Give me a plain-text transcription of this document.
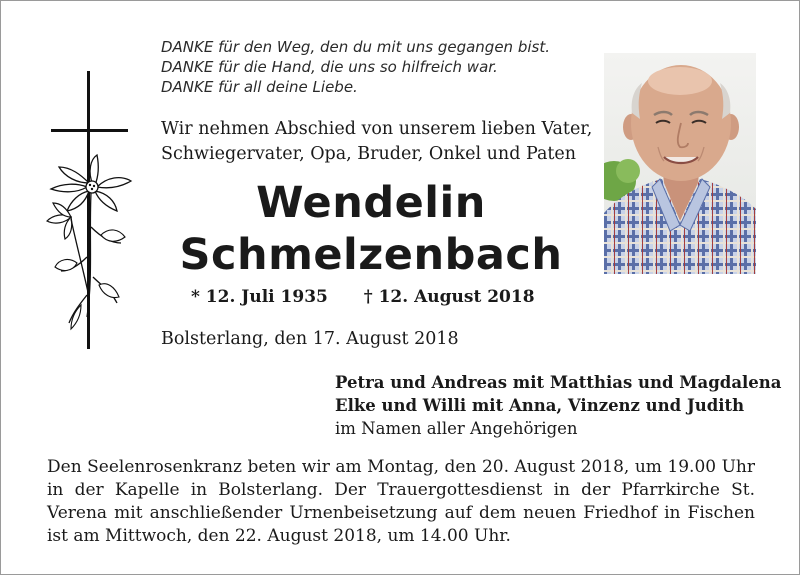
DANKE für den Weg, den du mit uns gegangen bist.
DANKE für die Hand, die uns so hilfreich war.
DANKE für all deine Liebe.
Wir nehmen Abschied von unserem lieben Vater,
Schwiegervater, Opa, Bruder, Onkel und Paten
Wendelin
Schmelzenbach
* 12. Juli 1935 † 12. August 2018
Bolsterlang, den 17. August 2018
Petra und Andreas mit Matthias und Magdalena
Elke und Willi mit Anna, Vinzenz und Judith
im Namen aller Angehörigen
Den Seelenrosenkranz beten wir am Montag, den 20. August 2018, um 19.00 Uhr in der Kapelle in Bolsterlang. Der Trauergottesdienst in der Pfarrkirche St. Verena mit anschließender Urnenbeisetzung auf dem neuen Friedhof in Fischen ist am Mittwoch, den 22. August 2018, um 14.00 Uhr.
